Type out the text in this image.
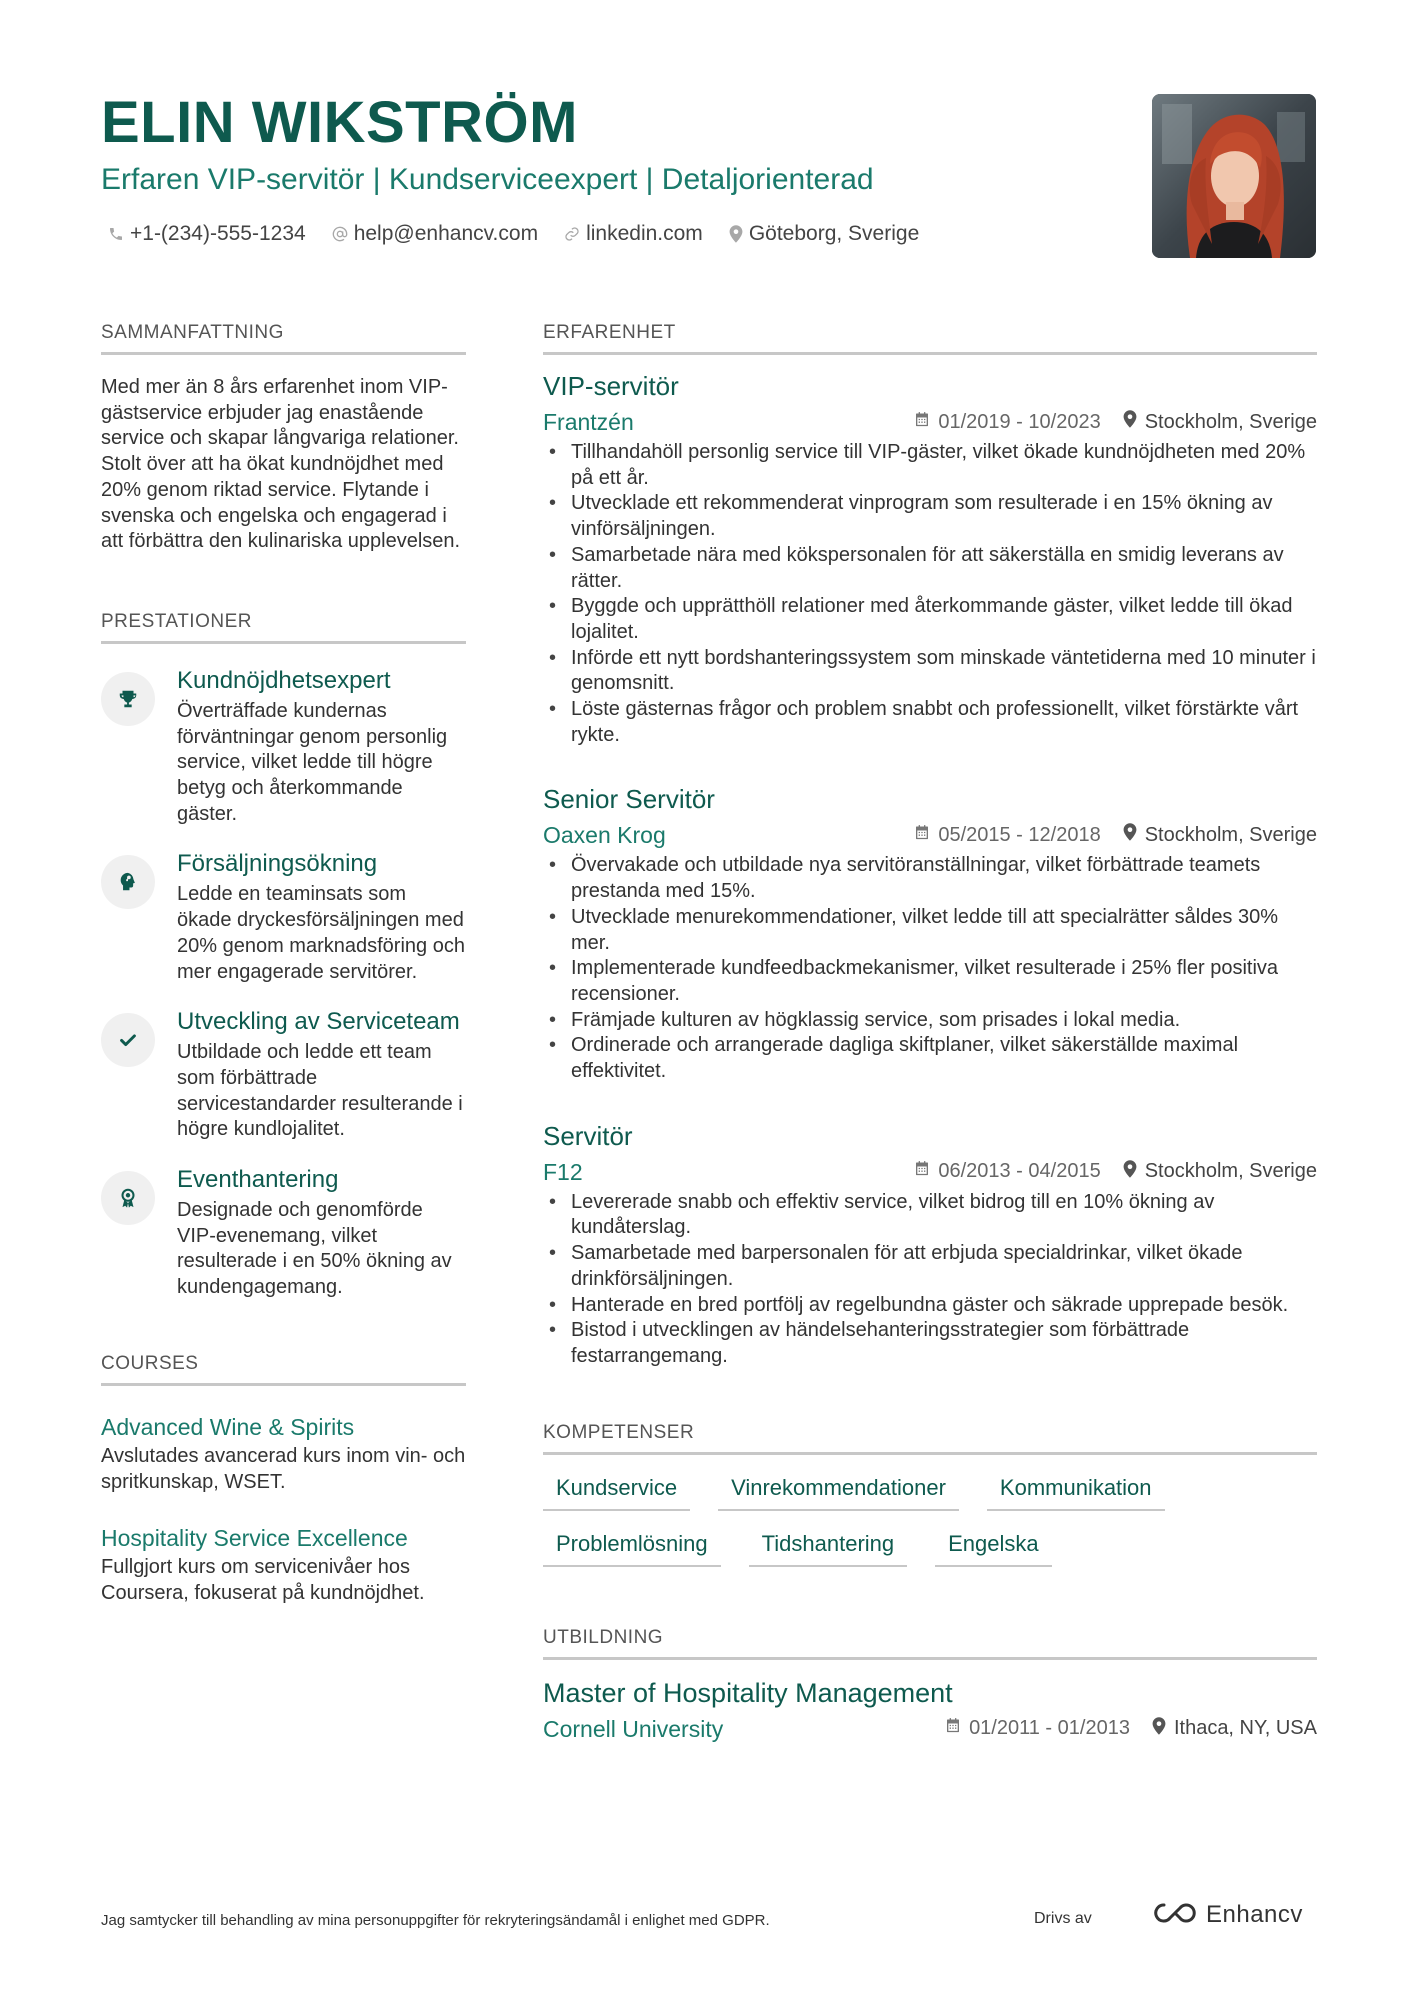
ELIN WIKSTRÖM
Erfaren VIP-servitör | Kundserviceexpert | Detaljorienterad
+1-(234)-555-1234 help@enhancv.com linkedin.com Göteborg, Sverige
SAMMANFATTNING

Med mer än 8 års erfarenhet inom VIP-gästservice erbjuder jag enastående service och skapar långvariga relationer. Stolt över att ha ökat kundnöjdhet med 20% genom riktad service. Flytande i svenska och engelska och engagerad i att förbättra den kulinariska upplevelsen.

PRESTATIONER
Kundnöjdhetsexpert
Överträffade kundernas förväntningar genom personlig service, vilket ledde till högre betyg och återkommande gäster.
Försäljningsökning
Ledde en teaminsats som ökade dryckesförsäljningen med 20% genom marknadsföring och mer engagerade servitörer.
Utveckling av Serviceteam
Utbildade och ledde ett team som förbättrade servicestandarder resulterande i högre kundlojalitet.
Eventhantering
Designade och genomförde VIP-evenemang, vilket resulterade i en 50% ökning av kundengagemang.
COURSES
Advanced Wine & Spirits
Avslutades avancerad kurs inom vin- och spritkunskap, WSET.
Hospitality Service Excellence
Fullgjort kurs om servicenivåer hos Coursera, fokuserat på kundnöjdhet.
ERFARENHET
VIP-servitör
Frantzén	01/2019 - 10/2023 Stockholm, Sverige
• Tillhandahöll personlig service till VIP-gäster, vilket ökade kundnöjdheten med 20% på ett år.
• Utvecklade ett rekommenderat vinprogram som resulterade i en 15% ökning av vinförsäljningen.
• Samarbetade nära med kökspersonalen för att säkerställa en smidig leverans av rätter.
• Byggde och upprätthöll relationer med återkommande gäster, vilket ledde till ökad lojalitet.
• Införde ett nytt bordshanteringssystem som minskade väntetiderna med 10 minuter i genomsnitt.
• Löste gästernas frågor och problem snabbt och professionellt, vilket förstärkte vårt rykte.
Senior Servitör
Oaxen Krog	05/2015 - 12/2018 Stockholm, Sverige
• Övervakade och utbildade nya servitöranställningar, vilket förbättrade teamets prestanda med 15%.
• Utvecklade menurekommendationer, vilket ledde till att specialrätter såldes 30% mer.
• Implementerade kundfeedbackmekanismer, vilket resulterade i 25% fler positiva recensioner.
• Främjade kulturen av högklassig service, som prisades i lokal media.
• Ordinerade och arrangerade dagliga skiftplaner, vilket säkerställde maximal effektivitet.
Servitör
F12	06/2013 - 04/2015 Stockholm, Sverige
• Levererade snabb och effektiv service, vilket bidrog till en 10% ökning av kundåterslag.
• Samarbetade med barpersonalen för att erbjuda specialdrinkar, vilket ökade drinkförsäljningen.
• Hanterade en bred portfölj av regelbundna gäster och säkrade upprepade besök.
• Bistod i utvecklingen av händelsehanteringsstrategier som förbättrade festarrangemang.
KOMPETENSER
Kundservice	Vinrekommendationer	Kommunikation
Problemlösning	Tidshantering	Engelska
UTBILDNING
Master of Hospitality Management
Cornell University	01/2011 - 01/2013 Ithaca, NY, USA
Jag samtycker till behandling av mina personuppgifter för rekryteringsändamål i enlighet med GDPR.	Drivs av	Enhancv
